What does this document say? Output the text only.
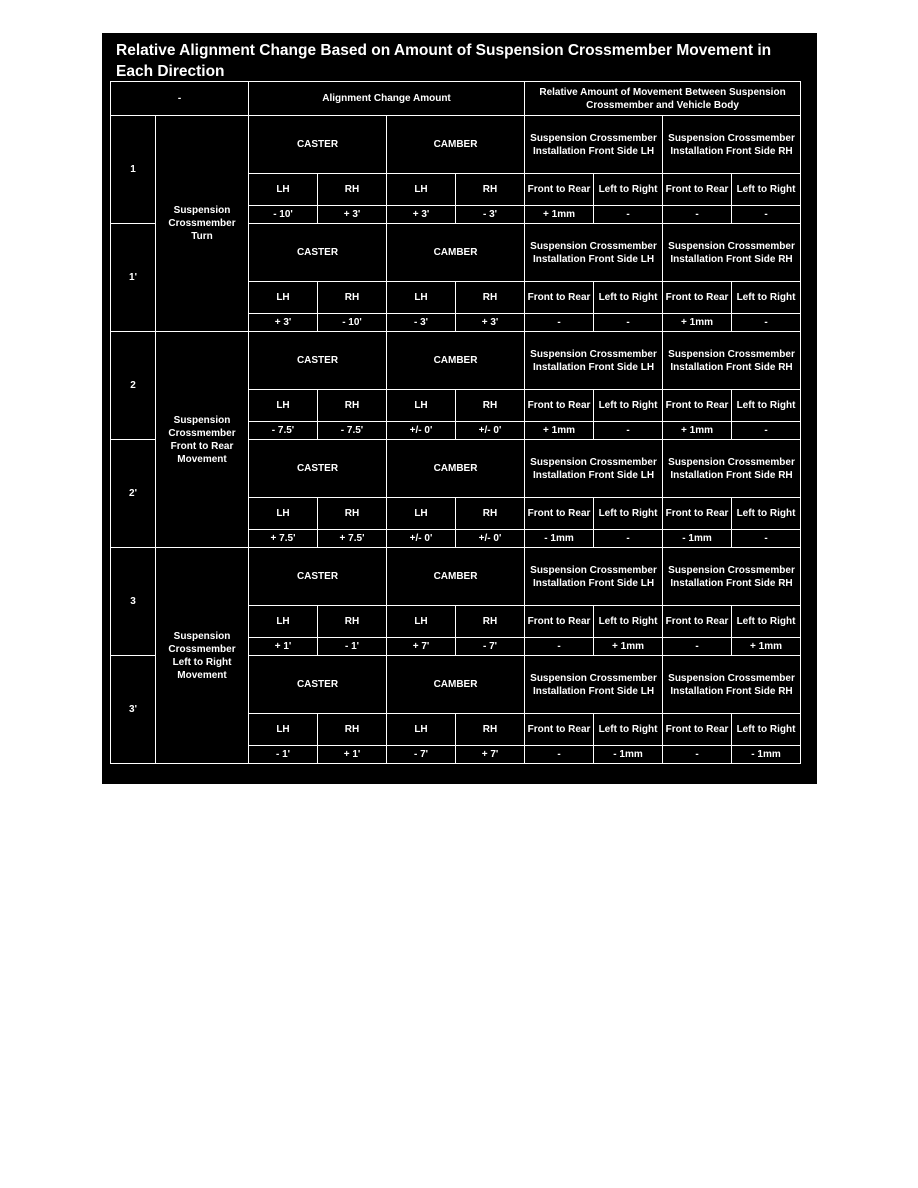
Relative Alignment Change Based on Amount of Suspension Crossmember Movement in Each Direction
-		Alignment Change Amount				Relative Amount of Movement Between Suspension Crossmember and Vehicle Body			
1	Suspension Crossmember Turn	CASTER		CAMBER		Suspension Crossmember Installation Front Side LH		Suspension Crossmember Installation Front Side RH	
		LH	RH	LH	RH	Front to Rear	Left to Right	Front to Rear	Left to Right
		- 10'	+ 3'	+ 3'	- 3'	+ 1mm	-	-	-
1'		CASTER		CAMBER		Suspension Crossmember Installation Front Side LH		Suspension Crossmember Installation Front Side RH	
		LH	RH	LH	RH	Front to Rear	Left to Right	Front to Rear	Left to Right
		+ 3'	- 10'	- 3'	+ 3'	-	-	+ 1mm	-
2	Suspension Crossmember Front to Rear Movement	CASTER		CAMBER		Suspension Crossmember Installation Front Side LH		Suspension Crossmember Installation Front Side RH	
		LH	RH	LH	RH	Front to Rear	Left to Right	Front to Rear	Left to Right
		- 7.5'	- 7.5'	+/- 0'	+/- 0'	+ 1mm	-	+ 1mm	-
2'		CASTER		CAMBER		Suspension Crossmember Installation Front Side LH		Suspension Crossmember Installation Front Side RH	
		LH	RH	LH	RH	Front to Rear	Left to Right	Front to Rear	Left to Right
		+ 7.5'	+ 7.5'	+/- 0'	+/- 0'	- 1mm	-	- 1mm	-
3	Suspension Crossmember Left to Right Movement	CASTER		CAMBER		Suspension Crossmember Installation Front Side LH		Suspension Crossmember Installation Front Side RH	
		LH	RH	LH	RH	Front to Rear	Left to Right	Front to Rear	Left to Right
		+ 1'	- 1'	+ 7'	- 7'	-	+ 1mm	-	+ 1mm
3'		CASTER		CAMBER		Suspension Crossmember Installation Front Side LH		Suspension Crossmember Installation Front Side RH	
		LH	RH	LH	RH	Front to Rear	Left to Right	Front to Rear	Left to Right
		- 1'	+ 1'	- 7'	+ 7'	-	- 1mm	-	- 1mm
